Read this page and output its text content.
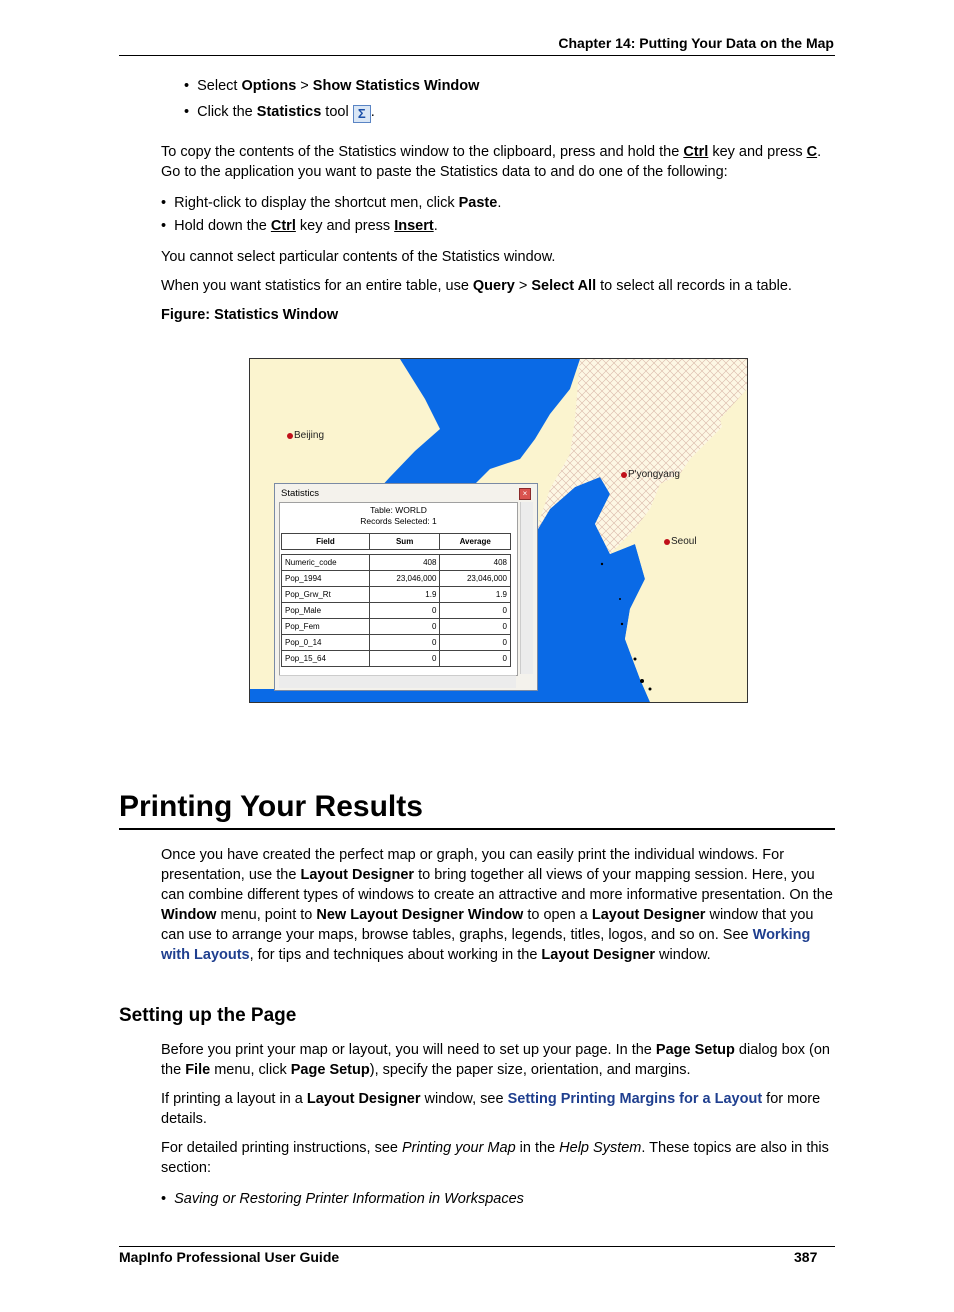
Chapter 14: Putting Your Data on the Map
•  Select Options > Show Statistics Window
•  Click the Statistics tool Σ .
To copy the contents of the Statistics window to the clipboard, press and hold the Ctrl key and press C. Go to the application you want to paste the Statistics data to and do one of the following:
•  Right-click to display the shortcut men, click Paste.
•  Hold down the Ctrl key and press Insert.
You cannot select particular contents of the Statistics window.
When you want statistics for an entire table, use Query > Select All to select all records in a table.
Figure: Statistics Window
Beijing
P'yongyang
Seoul
Statistics	×
Table: WORLD
Records Selected: 1
Field	Sum	Average

Numeric_code	408	408
Pop_1994	23,046,000	23,046,000
Pop_Grw_Rt	1.9	1.9
Pop_Male	0	0
Pop_Fem	0	0
Pop_0_14	0	0
Pop_15_64	0	0
Printing Your Results
Once you have created the perfect map or graph, you can easily print the individual windows. For presentation, use the Layout Designer to bring together all views of your mapping session. Here, you can combine different types of windows to create an attractive and more informative presentation. On the Window menu, point to New Layout Designer Window to open a Layout Designer window that you can use to arrange your maps, browse tables, graphs, legends, titles, logos, and so on. See Working with Layouts, for tips and techniques about working in the Layout Designer window.
Setting up the Page
Before you print your map or layout, you will need to set up your page. In the Page Setup dialog box (on the File menu, click Page Setup), specify the paper size, orientation, and margins.
If printing a layout in a Layout Designer window, see Setting Printing Margins for a Layout for more details.
For detailed printing instructions, see Printing your Map in the Help System. These topics are also in this section:
•  Saving or Restoring Printer Information in Workspaces
MapInfo Professional User Guide	387
